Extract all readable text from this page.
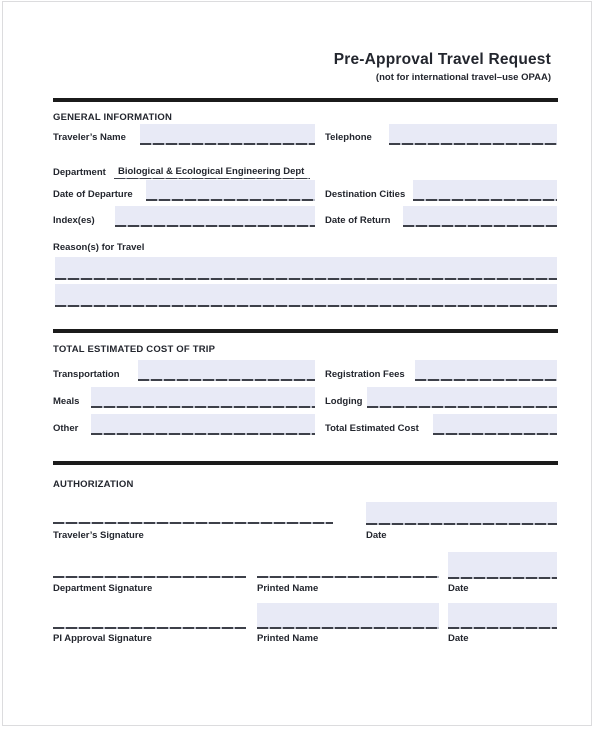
Pre-Approval Travel Request
(not for international travel–use OPAA)
GENERAL INFORMATION
Traveler’s Name	Telephone
Department	Biological & Ecological Engineering Dept
Date of Departure	Destination Cities
Index(es)	Date of Return
Reason(s) for Travel
TOTAL ESTIMATED COST OF TRIP
Transportation	Registration Fees
Meals	Lodging
Other	Total Estimated Cost
AUTHORIZATION
Traveler’s Signature	Date
Department Signature	Printed Name	Date
PI Approval Signature	Printed Name	Date
